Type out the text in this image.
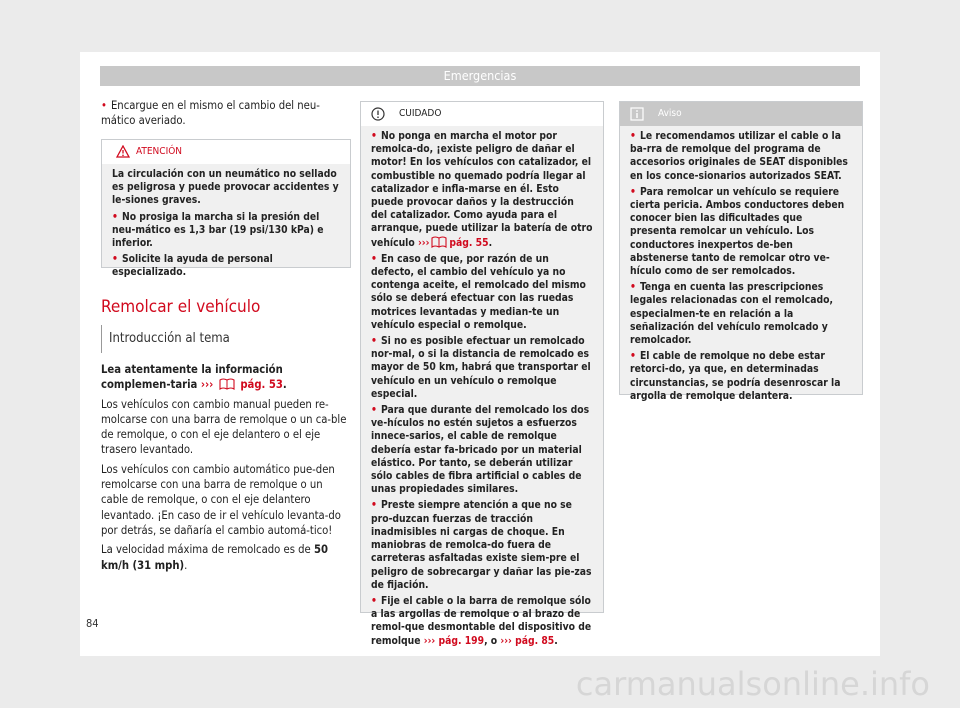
Emergencias
• Encargue en el mismo el cambio del neu-mático averiado.
ATENCIÓN

La circulación con un neumático no sellado es peligrosa y puede provocar accidentes y le-siones graves.

• No prosiga la marcha si la presión del neu-mático es 1,3 bar (19 psi/130 kPa) e inferior.

• Solicite la ayuda de personal especializado.

Remolcar el vehículo
Introducción al tema
Lea atentamente la información complemen-taria ››› pág. 53.
Los vehículos con cambio manual pueden re-molcarse con una barra de remolque o un ca-ble de remolque, o con el eje delantero o el eje trasero levantado.
Los vehículos con cambio automático pue-den remolcarse con una barra de remolque o un cable de remolque, o con el eje delantero levantado. ¡En caso de ir el vehículo levanta-do por detrás, se dañaría el cambio automá-tico!
La velocidad máxima de remolcado es de 50 km/h (31 mph).
CUIDADO

• No ponga en marcha el motor por remolca-do, ¡existe peligro de dañar el motor! En los vehículos con catalizador, el combustible no quemado podría llegar al catalizador e infla-marse en él. Esto puede provocar daños y la destrucción del catalizador. Como ayuda para el arranque, puede utilizar la batería de otro vehículo ››› pág. 55.

• En caso de que, por razón de un defecto, el cambio del vehículo ya no contenga aceite, el remolcado del mismo sólo se deberá efectuar con las ruedas motrices levantadas y median-te un vehículo especial o remolque.

• Si no es posible efectuar un remolcado nor-mal, o si la distancia de remolcado es mayor de 50 km, habrá que transportar el vehículo en un vehículo o remolque especial.

• Para que durante del remolcado los dos ve-hículos no estén sujetos a esfuerzos innece-sarios, el cable de remolque debería estar fa-bricado por un material elástico. Por tanto, se deberán utilizar sólo cables de fibra artificial o cables de unas propiedades similares.

• Preste siempre atención a que no se pro-duzcan fuerzas de tracción inadmisibles ni cargas de choque. En maniobras de remolca-do fuera de carreteras asfaltadas existe siem-pre el peligro de sobrecargar y dañar las pie-zas de fijación.

• Fije el cable o la barra de remolque sólo a las argollas de remolque o al brazo de remol-que desmontable del dispositivo de remolque ››› pág. 199, o ››› pág. 85.

Aviso

• Le recomendamos utilizar el cable o la ba-rra de remolque del programa de accesorios originales de SEAT disponibles en los conce-sionarios autorizados SEAT.

• Para remolcar un vehículo se requiere cierta pericia. Ambos conductores deben conocer bien las dificultades que presenta remolcar un vehículo. Los conductores inexpertos de-ben abstenerse tanto de remolcar otro ve-hículo como de ser remolcados.

• Tenga en cuenta las prescripciones legales relacionadas con el remolcado, especialmen-te en relación a la señalización del vehículo remolcado y remolcador.

• El cable de remolque no debe estar retorci-do, ya que, en determinadas circunstancias, se podría desenroscar la argolla de remolque delantera.

84
carmanualsonline.info
